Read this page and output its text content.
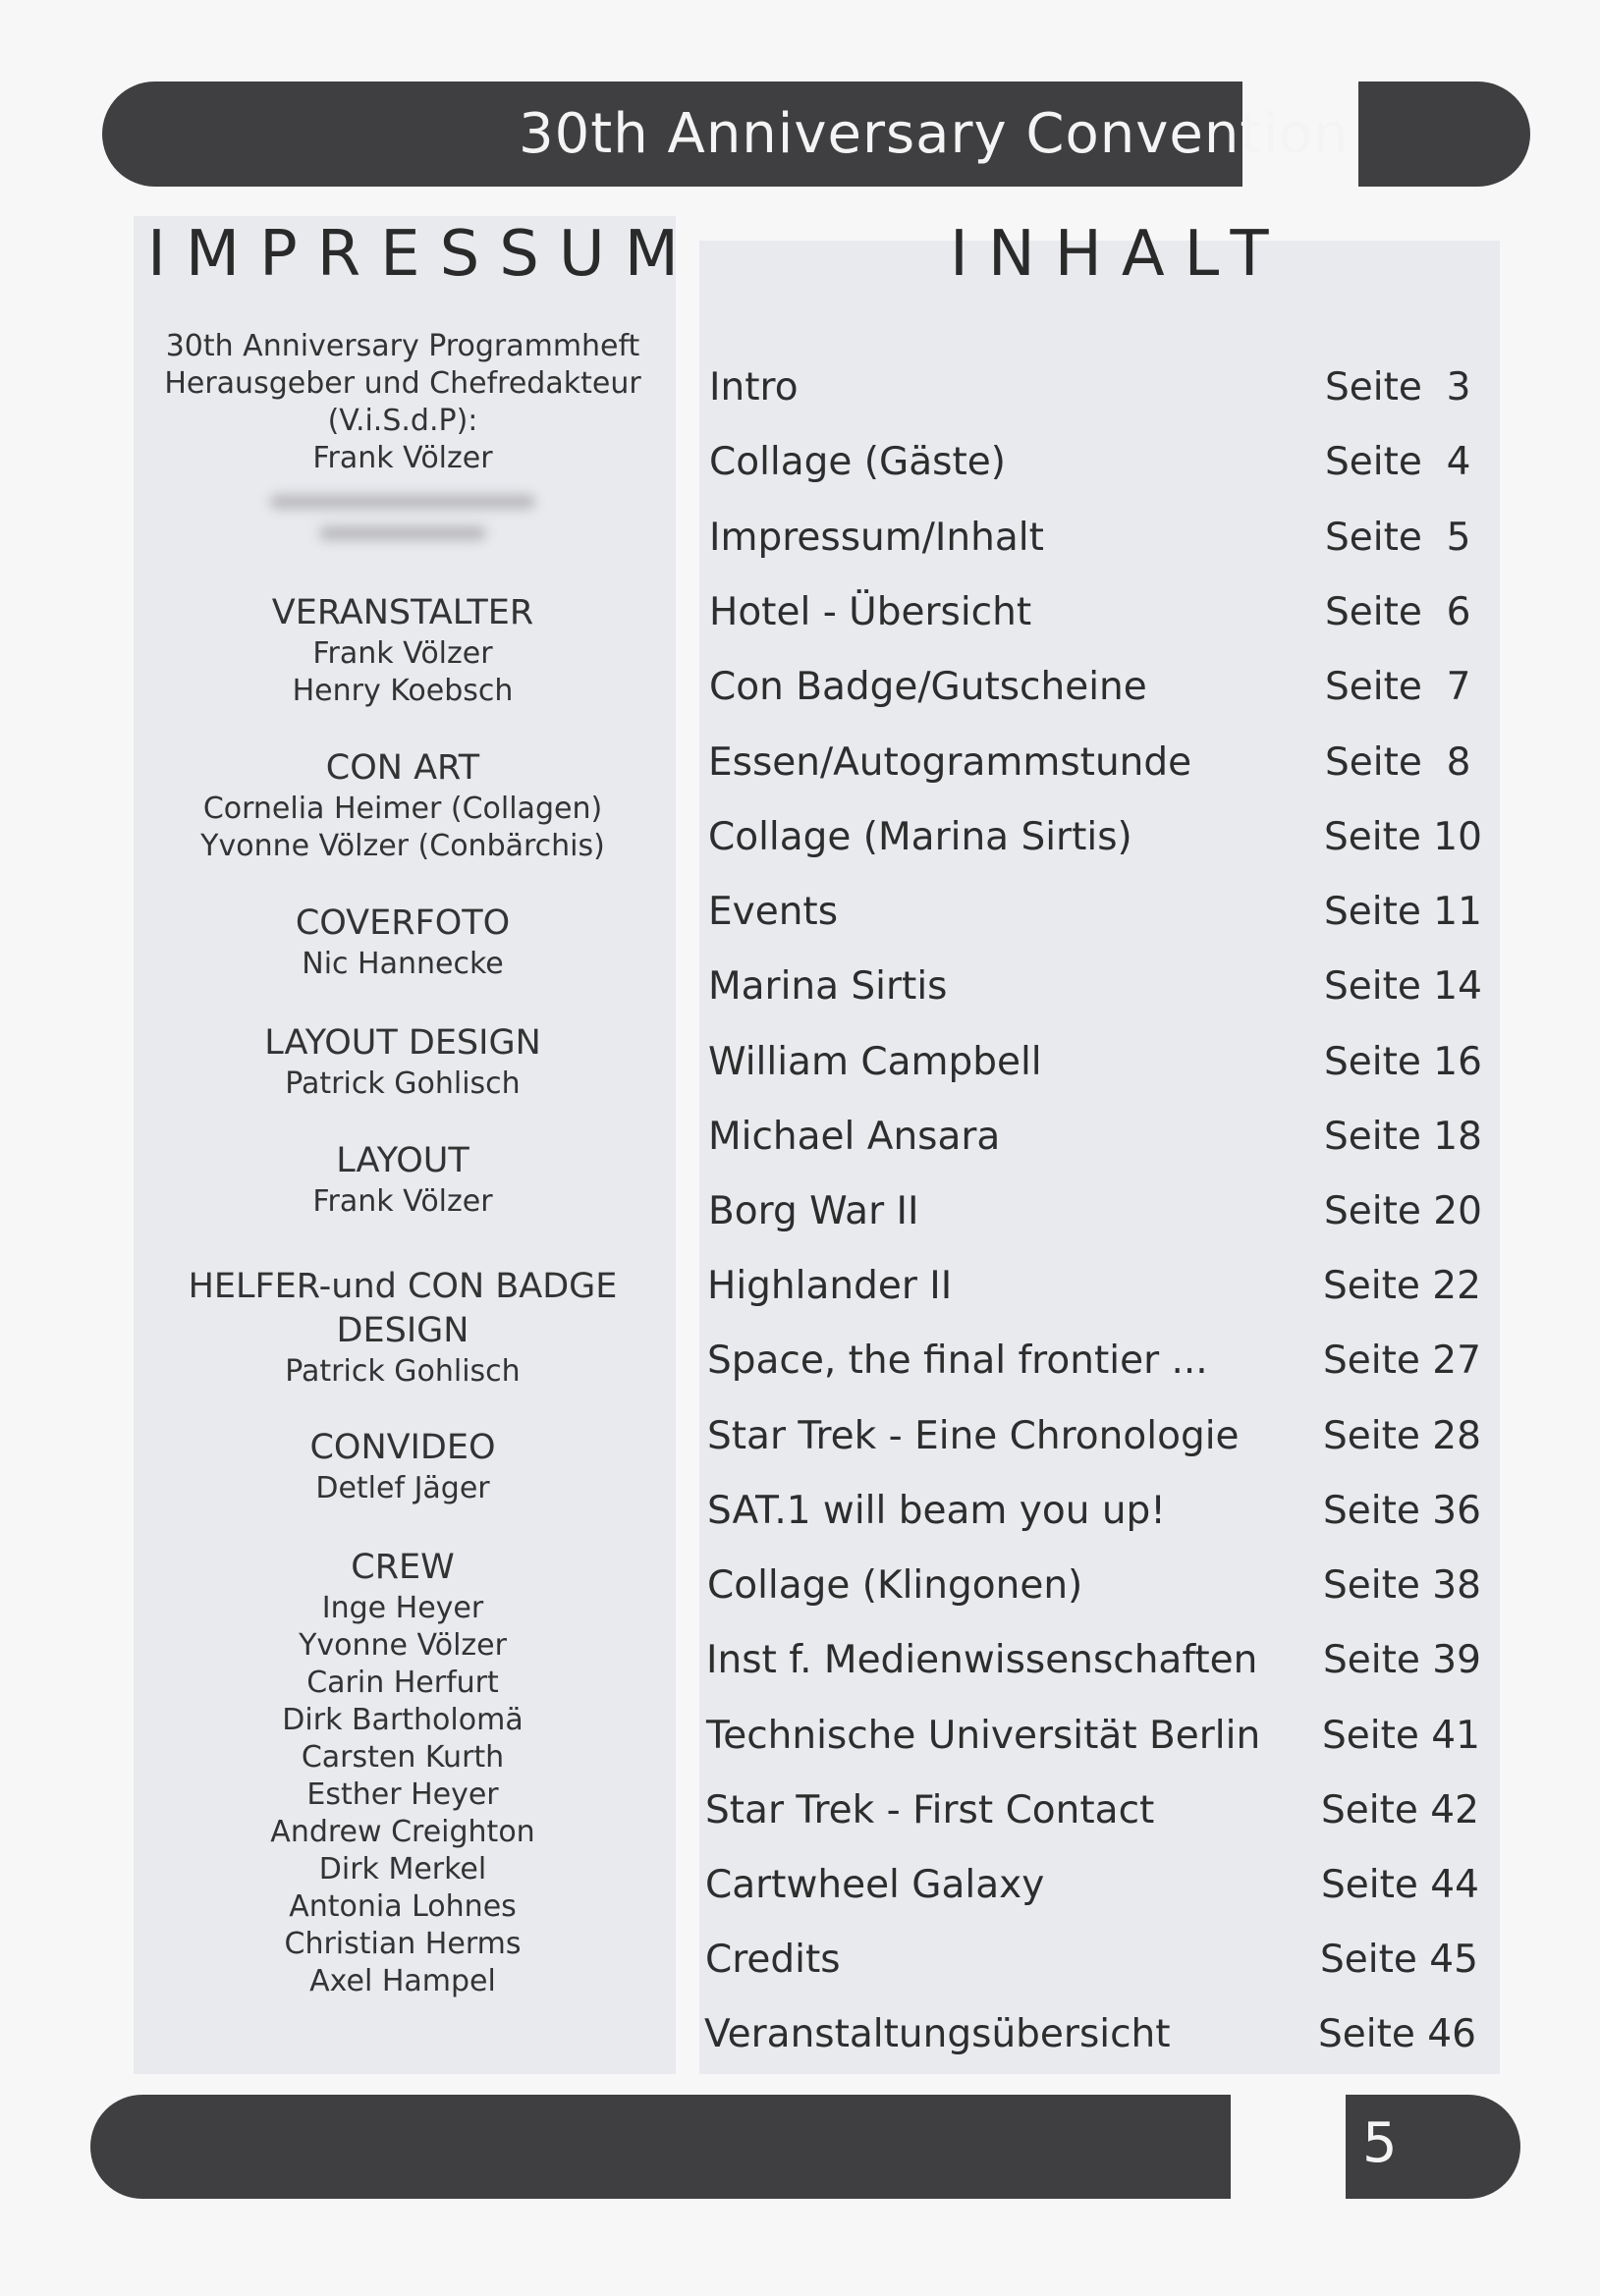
30th Anniversary Convention
IMPRESSUM	INHALT
30th Anniversary Programmheft
Herausgeber und Chefredakteur
(V.i.S.d.P):
Frank Völzer
VERANSTALTER
Frank Völzer
Henry Koebsch
CON ART
Cornelia Heimer (Collagen)
Yvonne Völzer (Conbärchis)
COVERFOTO
Nic Hannecke
LAYOUT DESIGN
Patrick Gohlisch
LAYOUT
Frank Völzer
HELFER-und CON BADGE
DESIGN
Patrick Gohlisch
CONVIDEO
Detlef Jäger
CREW
Inge Heyer
Yvonne Völzer
Carin Herfurt
Dirk Bartholomä
Carsten Kurth
Esther Heyer
Andrew Creighton
Dirk Merkel
Antonia Lohnes
Christian Herms
Axel Hampel
Intro	Seite  3
Collage (Gäste)	Seite  4
Impressum/Inhalt	Seite  5
Hotel - Übersicht	Seite  6
Con Badge/Gutscheine	Seite  7
Essen/Autogrammstunde	Seite  8
Collage (Marina Sirtis)	Seite 10
Events	Seite 11
Marina Sirtis	Seite 14
William Campbell	Seite 16
Michael Ansara	Seite 18
Borg War II	Seite 20
Highlander II	Seite 22
Space, the final frontier ...	Seite 27
Star Trek - Eine Chronologie Seite 28
SAT.1 will beam you up!	Seite 36
Collage (Klingonen)	Seite 38
Inst f. Medienwissenschaften Seite 39
Technische Universität Berlin Seite 41
Star Trek - First Contact	Seite 42
Cartwheel Galaxy	Seite 44
Credits	Seite 45
Veranstaltungsübersicht	Seite 46
5
